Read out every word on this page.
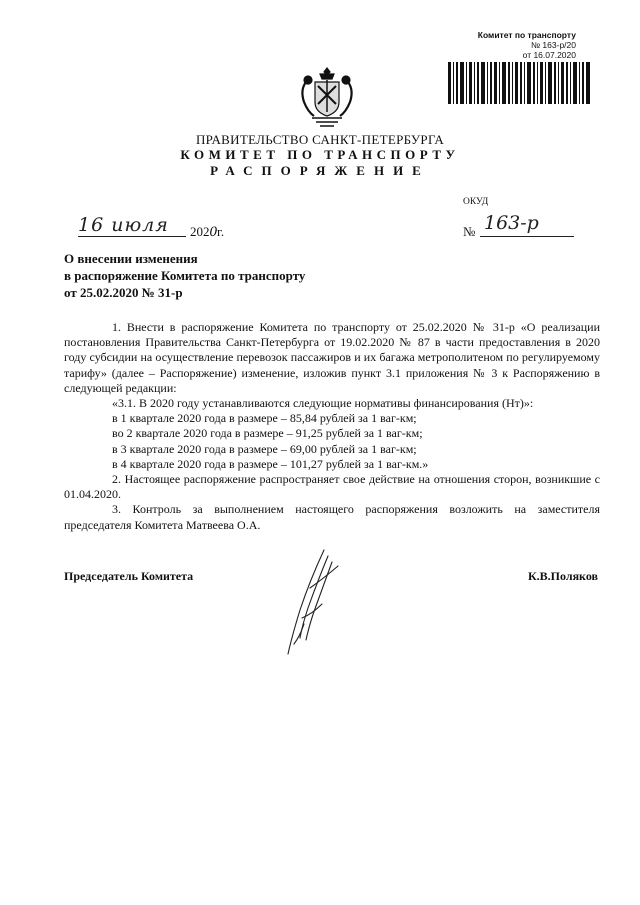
Комитет по транспорту
№ 163-р/20
от 16.07.2020
ПРАВИТЕЛЬСТВО САНКТ-ПЕТЕРБУРГА
КОМИТЕТ ПО ТРАНСПОРТУ
РАСПОРЯЖЕНИЕ
ОКУД
16 июля 2020г.	№ 163-р
О внесении изменения
в распоряжение Комитета по транспорту
от 25.02.2020 № 31-р

1. Внести в распоряжение Комитета по транспорту от 25.02.2020 № 31-р «О реализации постановления Правительства Санкт-Петербурга от 19.02.2020 № 87 в части предоставления в 2020 году субсидии на осуществление перевозок пассажиров и их багажа метрополитеном по регулируемому тарифу» (далее – Распоряжение) изменение, изложив пункт 3.1 приложения № 3 к Распоряжению в следующей редакции:

«3.1. В 2020 году устанавливаются следующие нормативы финансирования (Нт)»:

в 1 квартале 2020 года в размере – 85,84 рублей за 1 ваг-км;

во 2 квартале 2020 года в размере – 91,25 рублей за 1 ваг-км;

в 3 квартале 2020 года в размере – 69,00 рублей за 1 ваг-км;

в 4 квартале 2020 года в размере – 101,27 рублей за 1 ваг-км.»

2. Настоящее распоряжение распространяет свое действие на отношения сторон, возникшие с 01.04.2020.

3. Контроль за выполнением настоящего распоряжения возложить на заместителя председателя Комитета Матвеева О.А.

Председатель Комитета	К.В.Поляков
